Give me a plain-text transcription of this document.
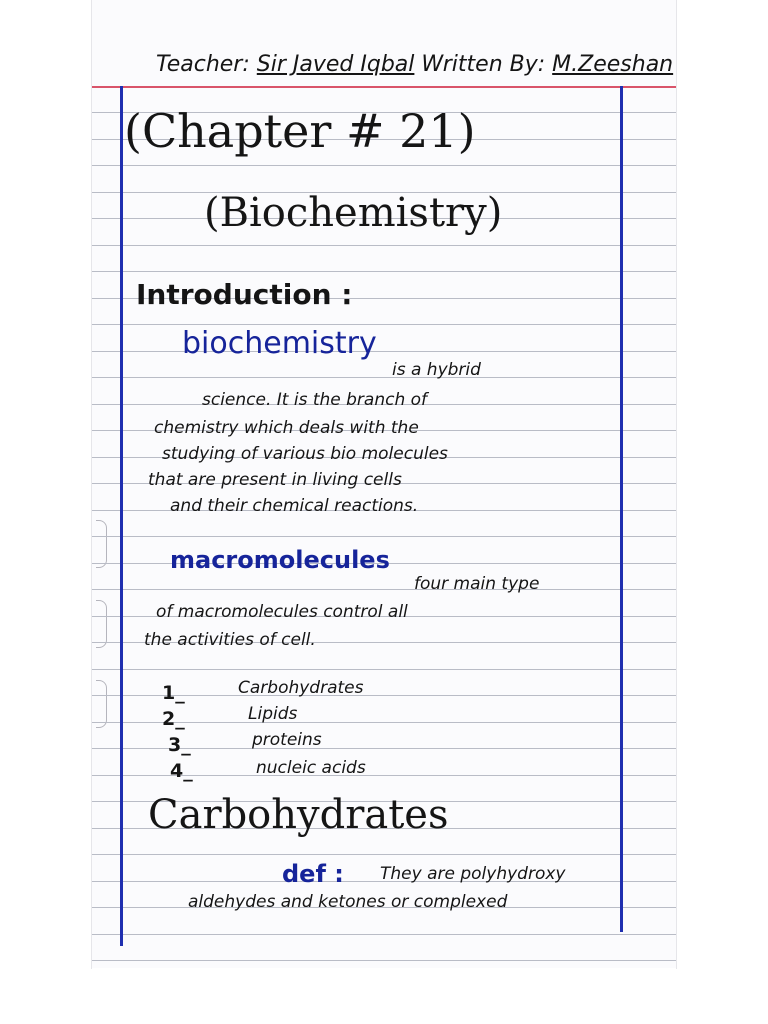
Teacher: Sir Javed Iqbal Written By: M.Zeeshan
(Chapter # 21)
(Biochemistry)
Introduction :
biochemistry
is a hybrid
science. It is the branch of
chemistry which deals with the
studying of various bio molecules
that are present in living cells
and their chemical reactions.
macromolecules
four main type
of macromolecules control all
the activities of cell.
1_	Carbohydrates
2_	Lipids
3_	proteins
4_	nucleic acids
Carbohydrates
def : They are polyhydroxy
aldehydes and ketones or complexed
